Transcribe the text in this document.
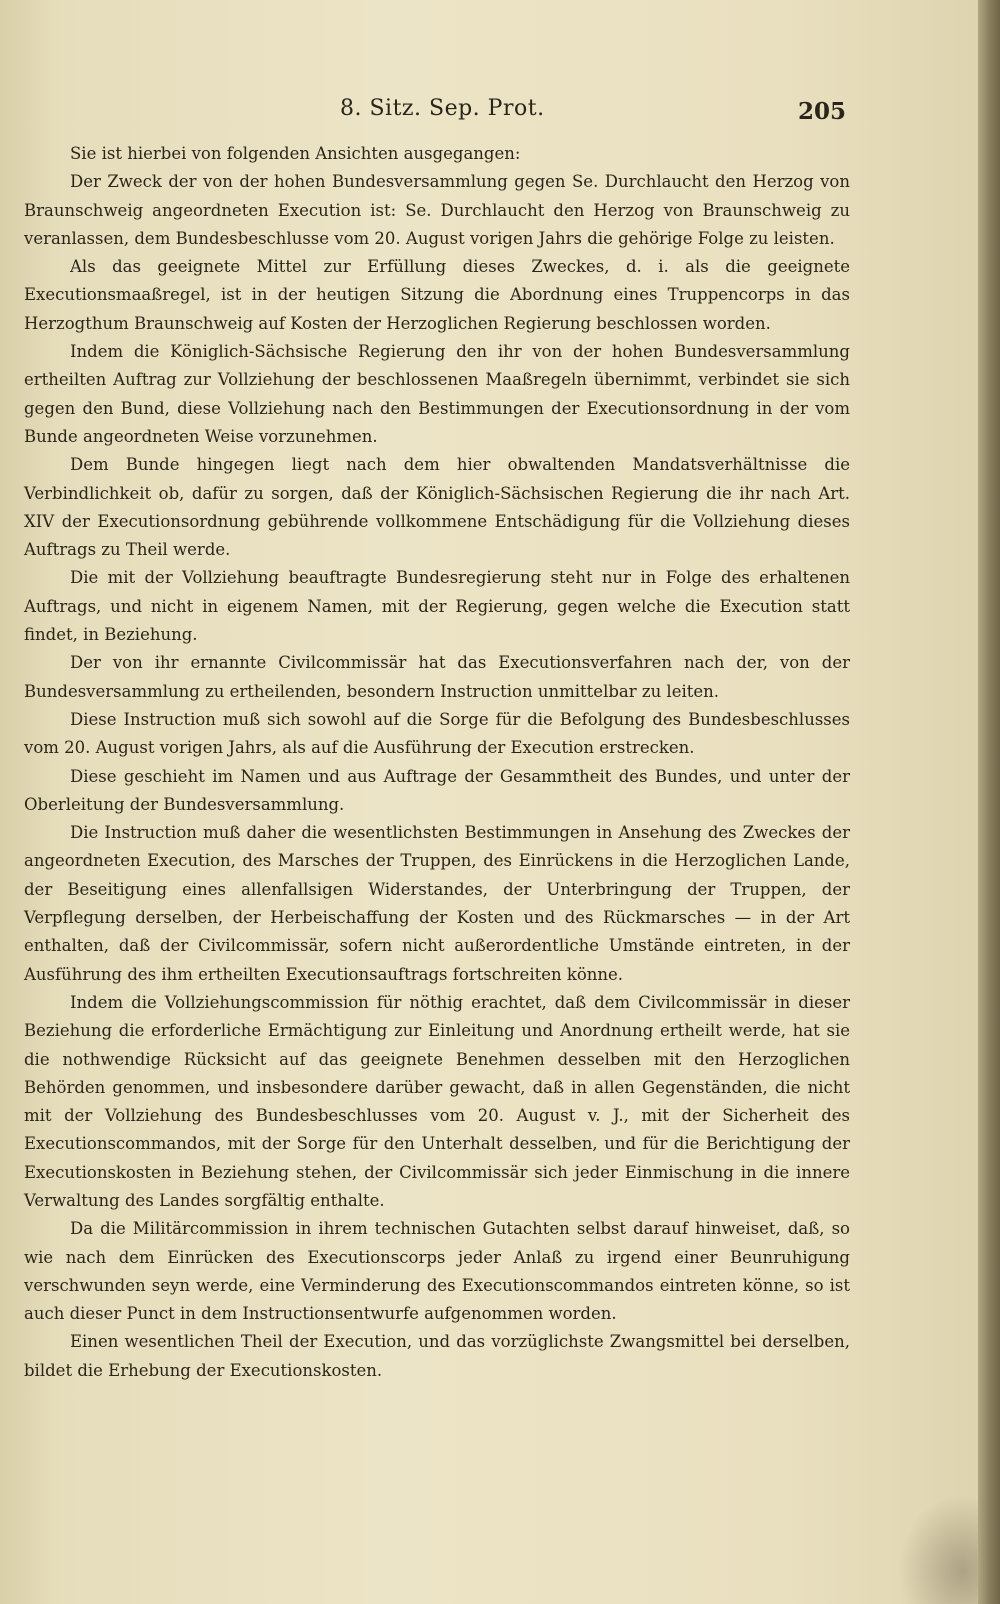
8. Sitz. Sep. Prot.	205

Sie ist hierbei von folgenden Ansichten ausgegangen:

Der Zweck der von der hohen Bundesversammlung gegen Se. Durchlaucht den Herzog von Braunschweig angeordneten Execution ist: Se. Durchlaucht den Herzog von Braunschweig zu veranlassen, dem Bundesbeschlusse vom 20. August vorigen Jahrs die gehörige Folge zu leisten.

Als das geeignete Mittel zur Erfüllung dieses Zweckes, d. i. als die geeignete Executionsmaaßregel, ist in der heutigen Sitzung die Abordnung eines Truppencorps in das Herzogthum Braunschweig auf Kosten der Herzoglichen Regierung beschlossen worden.

Indem die Königlich-Sächsische Regierung den ihr von der hohen Bundesversammlung ertheilten Auftrag zur Vollziehung der beschlossenen Maaßregeln übernimmt, verbindet sie sich gegen den Bund, diese Vollziehung nach den Bestimmungen der Executionsordnung in der vom Bunde angeordneten Weise vorzunehmen.

Dem Bunde hingegen liegt nach dem hier obwaltenden Mandatsverhältnisse die Verbindlichkeit ob, dafür zu sorgen, daß der Königlich-Sächsischen Regierung die ihr nach Art. XIV der Executionsordnung gebührende vollkommene Entschädigung für die Vollziehung dieses Auftrags zu Theil werde.

Die mit der Vollziehung beauftragte Bundesregierung steht nur in Folge des erhaltenen Auftrags, und nicht in eigenem Namen, mit der Regierung, gegen welche die Execution statt findet, in Beziehung.

Der von ihr ernannte Civilcommissär hat das Executionsverfahren nach der, von der Bundesversammlung zu ertheilenden, besondern Instruction unmittelbar zu leiten.

Diese Instruction muß sich sowohl auf die Sorge für die Befolgung des Bundesbeschlusses vom 20. August vorigen Jahrs, als auf die Ausführung der Execution erstrecken.

Diese geschieht im Namen und aus Auftrage der Gesammtheit des Bundes, und unter der Oberleitung der Bundesversammlung.

Die Instruction muß daher die wesentlichsten Bestimmungen in Ansehung des Zweckes der angeordneten Execution, des Marsches der Truppen, des Einrückens in die Herzoglichen Lande, der Beseitigung eines allenfallsigen Widerstandes, der Unterbringung der Truppen, der Verpflegung derselben, der Herbeischaffung der Kosten und des Rückmarsches — in der Art enthalten, daß der Civilcommissär, sofern nicht außerordentliche Umstände eintreten, in der Ausführung des ihm ertheilten Executionsauftrags fortschreiten könne.

Indem die Vollziehungscommission für nöthig erachtet, daß dem Civilcommissär in dieser Beziehung die erforderliche Ermächtigung zur Einleitung und Anordnung ertheilt werde, hat sie die nothwendige Rücksicht auf das geeignete Benehmen desselben mit den Herzoglichen Behörden genommen, und insbesondere darüber gewacht, daß in allen Gegenständen, die nicht mit der Vollziehung des Bundesbeschlusses vom 20. August v. J., mit der Sicherheit des Executionscommandos, mit der Sorge für den Unterhalt desselben, und für die Berichtigung der Executionskosten in Beziehung stehen, der Civilcommissär sich jeder Einmischung in die innere Verwaltung des Landes sorgfältig enthalte.

Da die Militärcommission in ihrem technischen Gutachten selbst darauf hinweiset, daß, so wie nach dem Einrücken des Executionscorps jeder Anlaß zu irgend einer Beunruhigung verschwunden seyn werde, eine Verminderung des Executionscommandos eintreten könne, so ist auch dieser Punct in dem Instructionsentwurfe aufgenommen worden.

Einen wesentlichen Theil der Execution, und das vorzüglichste Zwangsmittel bei derselben, bildet die Erhebung der Executionskosten.
